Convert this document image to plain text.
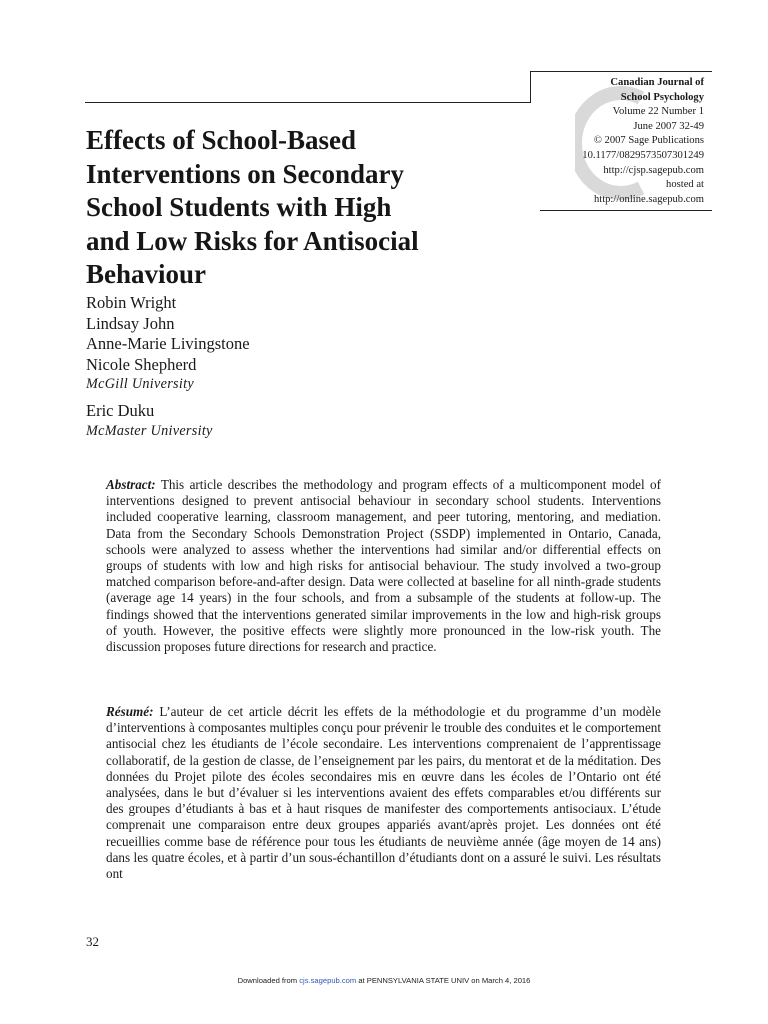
Canadian Journal of
School Psychology
Volume 22 Number 1
June 2007 32-49
© 2007 Sage Publications
10.1177/0829573507301249
http://cjsp.sagepub.com
hosted at
http://online.sagepub.com
Effects of School-Based
Interventions on Secondary
School Students with High
and Low Risks for Antisocial
Behaviour
Robin Wright
Lindsay John
Anne-Marie Livingstone
Nicole Shepherd
McGill University
Eric Duku
McMaster University

Abstract: This article describes the methodology and program effects of a multicomponent model of interventions designed to prevent antisocial behaviour in secondary school students. Interventions included cooperative learning, classroom management, and peer tutoring, mentoring, and mediation. Data from the Secondary Schools Demonstration Project (SSDP) implemented in Ontario, Canada, schools were analyzed to assess whether the interventions had similar and/or differential effects on groups of students with low and high risks for antisocial behaviour. The study involved a two-group matched comparison before-and-after design. Data were collected at baseline for all ninth-grade students (average age 14 years) in the four schools, and from a subsample of the students at follow-up. The findings showed that the interventions generated similar improvements in the low and high-risk groups of youth. However, the positive effects were slightly more pronounced in the low-risk youth. The discussion proposes future directions for research and practice.

Résumé: L’auteur de cet article décrit les effets de la méthodologie et du programme d’un modèle d’interventions à composantes multiples conçu pour prévenir le trouble des conduites et le comportement antisocial chez les étudiants de l’école secondaire. Les interventions comprenaient de l’apprentissage collaboratif, de la gestion de classe, de l’enseignement par les pairs, du mentorat et de la méditation. Des données du Projet pilote des écoles secondaires mis en œuvre dans les écoles de l’Ontario ont été analysées, dans le but d’évaluer si les interventions avaient des effets comparables et/ou différents sur des groupes d’étudiants à bas et à haut risques de manifester des comportements antisociaux. L’étude comprenait une comparaison entre deux groupes appariés avant/après projet. Les données ont été recueillies comme base de référence pour tous les étudiants de neuvième année (âge moyen de 14 ans) dans les quatre écoles, et à partir d’un sous-échantillon d’étudiants dont on a assuré le suivi. Les résultats ont

32
Downloaded from cjs.sagepub.com at PENNSYLVANIA STATE UNIV on March 4, 2016
